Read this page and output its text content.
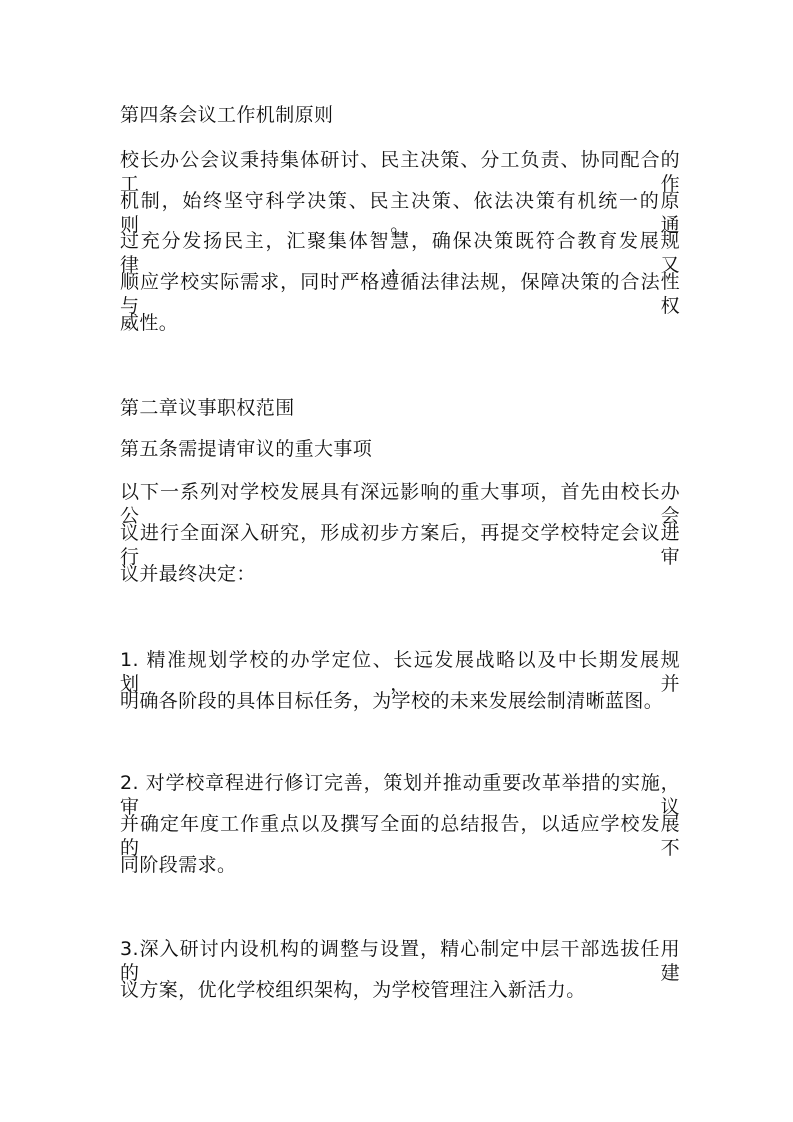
第四条会议工作机制原则
校长办公会议秉持集体研讨、民主决策、分工负责、协同配合的工作
机制，始终坚守科学决策、民主决策、依法决策有机统一的原则。通
过充分发扬民主，汇聚集体智慧，确保决策既符合教育发展规律，又
顺应学校实际需求，同时严格遵循法律法规，保障决策的合法性与权
威性。
第二章议事职权范围
第五条需提请审议的重大事项
以下一系列对学校发展具有深远影响的重大事项，首先由校长办公会
议进行全面深入研究，形成初步方案后，再提交学校特定会议进行审
议并最终决定：
1. 精准规划学校的办学定位、长远发展战略以及中长期发展规划，并
明确各阶段的具体目标任务，为学校的未来发展绘制清晰蓝图。
2. 对学校章程进行修订完善，策划并推动重要改革举措的实施，审议
并确定年度工作重点以及撰写全面的总结报告，以适应学校发展的不
同阶段需求。
3.深入研讨内设机构的调整与设置，精心制定中层干部选拔任用的建
议方案，优化学校组织架构，为学校管理注入新活力。
